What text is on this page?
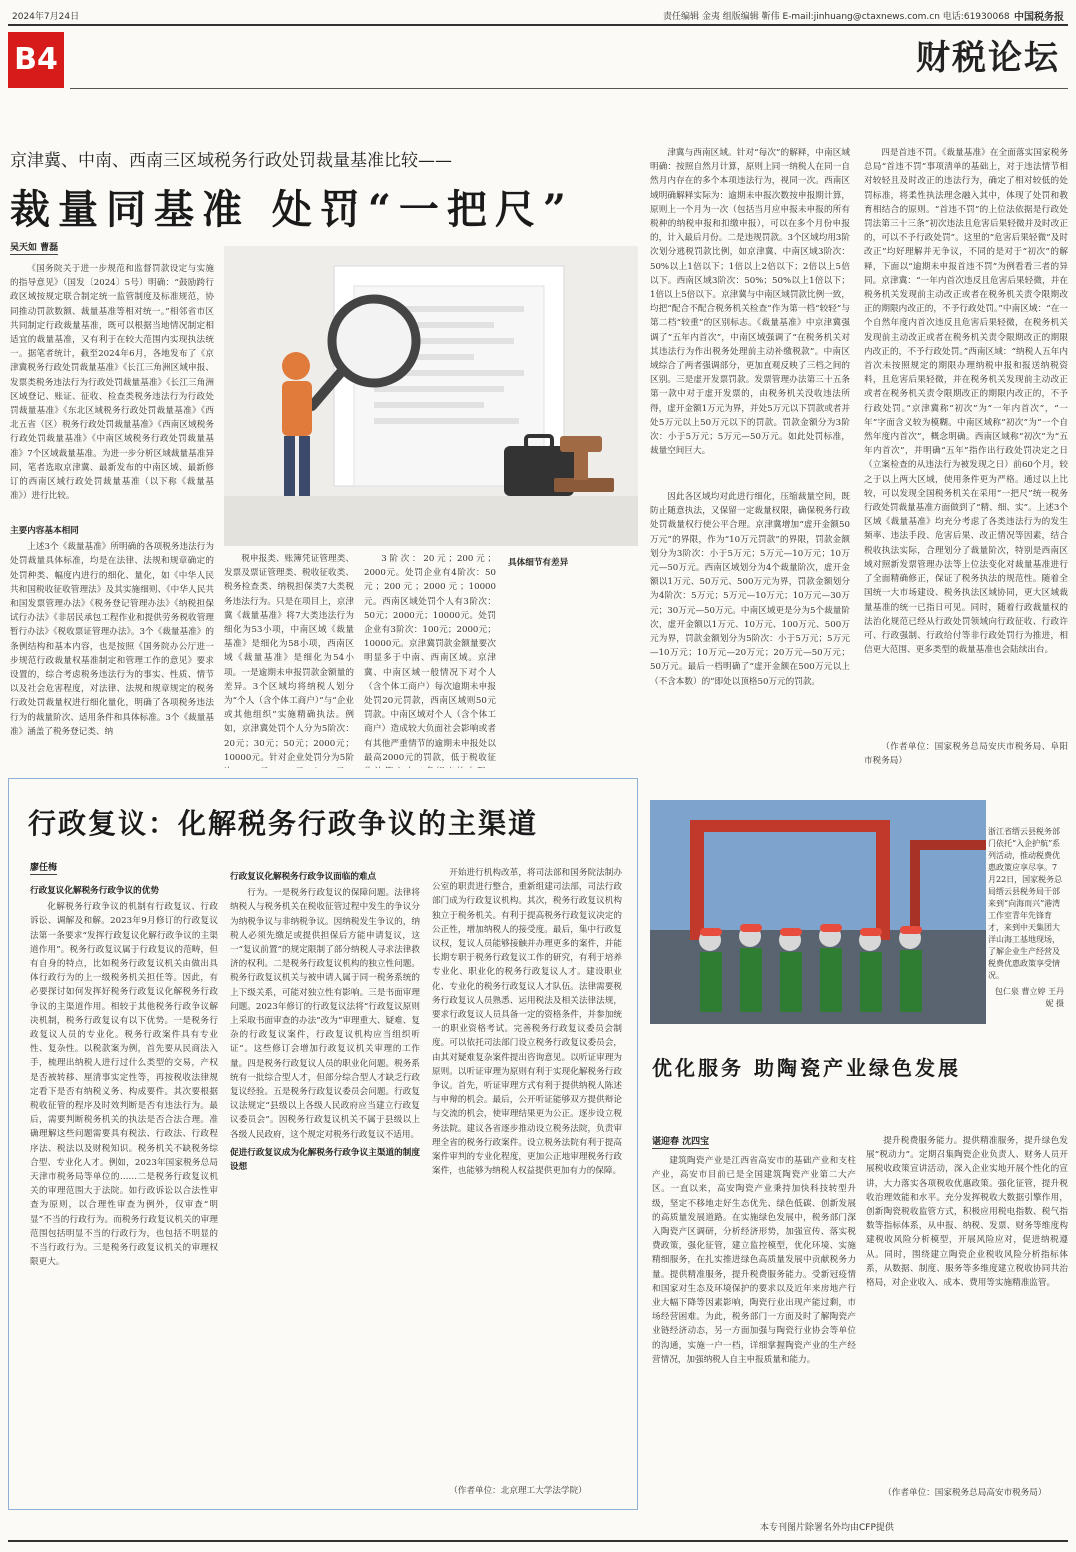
2024年7月24日	责任编辑 金夷 组版编辑 靳伟 E-mail:jinhuang@ctaxnews.com.cn 电话:61930068 中国税务报
B4	财税论坛
京津冀、中南、西南三区域税务行政处罚裁量基准比较——
裁量同基准 处罚“一把尺”
吴天如 曹磊

《国务院关于进一步规范和监督罚款设定与实施的指导意见》（国发〔2024〕5号）明确：“鼓励跨行政区域按规定联合制定统一监管制度及标准规范，协同推动罚款数额、裁量基准等相对统一。”相邻省市区共同制定行政裁量基准，既可以根据当地情况制定相适宜的裁量基准，又有利于在较大范围内实现执法统一。据笔者统计，截至2024年6月，各地发布了《京津冀税务行政处罚裁量基准》《长江三角洲区域申报、发票类税务违法行为行政处罚裁量基准》《长江三角洲区域登记、账证、征收、检查类税务违法行为行政处罚裁量基准》《东北区域税务行政处罚裁量基准》《西北五省（区）税务行政处罚裁量基准》《西南区域税务行政处罚裁量基准》《中南区域税务行政处罚裁量基准》7个区域裁量基准。为进一步分析区域裁量基准异同，笔者选取京津冀、最新发布的中南区域、最新修订的西南区域行政处罚裁量基准（以下称《裁量基准》）进行比较。

主要内容基本相同

上述3个《裁量基准》所明确的各项税务违法行为处罚裁量具体标准，均是在法律、法规和规章确定的处罚种类、幅度内进行的细化、量化，如《中华人民共和国税收征收管理法》及其实施细则、《中华人民共和国发票管理办法》《税务登记管理办法》《纳税担保试行办法》《非居民承包工程作业和提供劳务税收管理暂行办法》《税收票证管理办法》。3个《裁量基准》的条例结构和基本内容，也是按照《国务院办公厅进一步规范行政裁量权基准制定和管理工作的意见》要求设置的，综合考虑税务违法行为的事实、性质、情节以及社会危害程度，对法律、法规和规章规定的税务行政处罚裁量权进行细化量化，明确了各项税务违法行为的裁量阶次、适用条件和具体标准。3个《裁量基准》涵盖了税务登记类、纳

税申报类、账簿凭证管理类、发票及票证管理类、税收征收类、税务检查类、纳税担保类7大类税务违法行为。只是在项目上，京津冀《裁量基准》将7大类违法行为细化为53小项，中南区域《裁量基准》是细化为58小项，西南区域《裁量基准》是细化为54小项。一是逾期未申报罚款金额量的差异。3个区域均将纳税人划分为“个人（含个体工商户）”与“企业或其他组织”实施精确执法。例如，京津冀处罚个人分为5阶次：20元；30元；50元；2000元；10000元。针对企业处罚分为5阶

3阶次：20元；200元；2000元。处罚企业有4阶次：50元；200元；2000元；10000元。西南区域处罚个人有3阶次：50元；2000元；10000元。处罚企业有3阶次：100元；2000元；10000元。京津冀罚款金额量要次明显多于中南、西南区域。京津冀、中南区域一般情况下对个人（含个体工商户）每次逾期未申报处罚20元罚款，西南区域则50元罚款。中南区域对个人（含个体工商户）造成较大负面社会影响或者有其他严重情节的逾期未申报处以最高2000元的罚款，低于税收征

具体细节有差异

津冀与西南区域。针对“每次”的解释，中南区域明确：按照自然月计算，原则上同一纳税人在同一自然月内存在的多个本项违法行为，视同一次。西南区域明确解释实际为：逾期未申报次数按申报期计算，原则上一个月为一次（包括当月应申报未申报的所有税种的纳税申报和扣缴申报），可以在多个月份申报的，计入最后月份。二是违规罚款。3个区域均用3阶次划分逃税罚款比例，如京津冀、中南区域3阶次：50%以上1倍以下；1倍以上2倍以下；2倍以上5倍以下。西南区域3阶次：50%；50%以上1倍以下；1倍以上5倍以下。京津冀与中南区域罚款比例一致，均把“配合不配合税务机关检查”作为第一档“较轻”与第二档“较重”的区别标志。《裁量基准》中京津冀强调了“五年内首次”，中南区域强调了“在税务机关对其违法行为作出税务处理前主动补缴税款”。中南区域综合了两者强调部分，更加直观反映了三档之间的区别。三是虚开发票罚款。发票管理办法第三十五条第一款中对于虚开发票的，由税务机关没收违法所得，虚开金额1万元为界，并处5万元以下罚款或者并处5万元以上50万元以下的罚款。罚款金额分为3阶次：小于5万元；5万元—50万元。如此处罚标准，裁量空间巨大。

因此各区域均对此进行细化，压缩裁量空间，既防止随意执法，又保留一定裁量权限，确保税务行政处罚裁量权行使公平合理。京津冀增加“虚开金额50万元”的界限，作为“10万元罚款”的界限，罚款金额划分为3阶次：小于5万元；5万元—10万元；10万元—50万元。西南区域划分为4个裁量阶次，虚开金额以1万元、50万元、500万元为界，罚款金额划分为4阶次：5万元；5万元—10万元；10万元—30万元；30万元—50万元。中南区域更是分为5个裁量阶次，虚开金额以1万元、10万元、100万元、500万元为界，罚款金额划分为5阶次：小于5万元；5万元—10万元；10万元—20万元；20万元—50万元；50万元。最后一档明确了“虚开金额在500万元以上（不含本数）的”即处以顶格50万元的罚款。

四是首违不罚。《裁量基准》在全面落实国家税务总局“首违不罚”事项清单的基础上，对于违法情节相对较轻且及时改正的违法行为，确定了相对较低的处罚标准，将柔性执法理念融入其中，体现了处罚和教育相结合的原则。“首违不罚”的上位法依据是行政处罚法第三十三条“初次违法且危害后果轻微并及时改正的，可以不予行政处罚”。这里的“危害后果轻微”及时改正”均好理解并无争议，不同的是对于“初次”的解释，下面以“逾期未申报首违不罚”为例看看三者的异同。京津冀：“一年内首次违反且危害后果轻微，并在税务机关发现前主动改正或者在税务机关责令限期改正的期限内改正的，不予行政处罚。”中南区域：“在一个自然年度内首次违反且危害后果轻微，在税务机关发现前主动改正或者在税务机关责令限期改正的期限内改正的，不予行政处罚。”西南区域：“纳税人五年内首次未按照规定的期限办理纳税申报和报送纳税资料，且危害后果轻微，并在税务机关发现前主动改正或者在税务机关责令限期改正的期限内改正的，不予行政处罚。”京津冀称“初次”为“一年内首次”，“一年”字面含义较为模糊。中南区域称“初次”为“一个自然年度内首次”，概念明确。西南区域称“初次”为“五年内首次”，并明确“五年”指作出行政处罚决定之日（立案检查的从违法行为被发现之日）前60个月，较之于以上两大区域，使用条件更为严格。通过以上比较，可以发现全国税务机关在采用“一把尺”统一税务行政处罚裁量基准方面做到了“精、细、实”。上述3个区域《裁量基准》均充分考虑了各类违法行为的发生频率、违法手段、危害后果、改正情况等因素，结合税收执法实际，合理划分了裁量阶次，特别是西南区域对照新发票管理办法等上位法变化对裁量基准进行了全面精确修正，保证了税务执法的规范性。随着全国统一大市场建设、税务执法区域协同，更大区域裁量基准的统一已指日可见。同时，随着行政裁量权的法治化规范已经从行政处罚领域向行政征收、行政许可、行政强制、行政给付等非行政处罚行为推进，相信更大范围、更多类型的裁量基准也会陆续出台。

（作者单位：国家税务总局安庆市税务局、阜阳市税务局）

行政复议：化解税务行政争议的主渠道
廖任梅

行政复议化解税务行政争议的优势

化解税务行政争议的机制有行政复议、行政诉讼、调解及和解。2023年9月修订的行政复议法第一条要求“发挥行政复议化解行政争议的主渠道作用”。税务行政复议属于行政复议的范畴，但有自身的特点，比如税务行政复议机关由做出具体行政行为的上一级税务机关担任等。因此，有必要探讨如何发挥好税务行政复议化解税务行政争议的主渠道作用。相较于其他税务行政争议解决机制，税务行政复议有以下优势。一是税务行政复议人员的专业化。税务行政案件具有专业性、复杂性。以税款案为例，首先要从民商法入手，梳理出纳税人进行过什么类型的交易，产权是否被转移、厘清事实定性等，再按税收法律规定看下是否有纳税义务、构成要件。其次要根据税收征管的程序及时效判断是否有违法行为。最后，需要判断税务机关的执法是否合法合理。准确理解这些问题需要具有税法、行政法、行政程序法、税法以及财税知识。税务机关不缺税务综合型、专业化人才。例如，2023年国家税务总局天津市税务局等单位的……二是税务行政复议机关的审理范围大于法院。如行政诉讼以合法性审查为原则，以合理性审查为例外，仅审查“明显”不当的行政行为。而税务行政复议机关的审理范围包括明显不当的行政行为，也包括不明显的不当行政行为。三是税务行政复议机关的审理权限更大。

行政复议化解税务行政争议面临的难点

行为。一是税务行政复议的保障问题。法律将纳税人与税务机关在税收征管过程中发生的争议分为纳税争议与非纳税争议。因纳税发生争议的，纳税人必须先缴足或提供担保后方能申请复议，这一“复议前置”的规定限制了部分纳税人寻求法律救济的权利。二是税务行政复议机构的独立性问题。税务行政复议机关与被申请人属于同一税务系统的上下级关系，可能对独立性有影响。三是书面审理问题。2023年修订的行政复议法将“行政复议原则上采取书面审查的办法”改为“审理重大、疑难、复杂的行政复议案件，行政复议机构应当组织听证”。这些修订会增加行政复议机关审理的工作量。四是税务行政复议人员的职业化问题。税务系统有一批综合型人才，但部分综合型人才缺乏行政复议经验。五是税务行政复议委员会问题。行政复议法规定“县级以上各级人民政府应当建立行政复议委员会”。因税务行政复议机关不属于县级以上各级人民政府，这个规定对税务行政复议不适用。

促进行政复议成为化解税务行政争议主渠道的制度设想

开始进行机构改革，将司法部和国务院法制办公室的职责进行整合，重新组建司法部，司法行政部门成为行政复议机构。其次，税务行政复议机构独立于税务机关。有利于提高税务行政复议决定的公正性，增加纳税人的接受度。最后，集中行政复议权，复议人员能够接触并办理更多的案件，并能长期专职于税务行政复议工作的研究，有利于培养专业化、职业化的税务行政复议人才。建设职业化、专业化的税务行政复议人才队伍。法律需要税务行政复议人员熟悉、运用税法及相关法律法规，要求行政复议人员具备一定的资格条件，并参加统一的职业资格考试。完善税务行政复议委员会制度。可以依托司法部门设立税务行政复议委员会，由其对疑难复杂案件提出咨询意见。以听证审理为原则。以听证审理为原则有利于实现化解税务行政争议。首先，听证审理方式有利于提供纳税人陈述与申辩的机会。最后，公开听证能够双方提供辩论与交流的机会，使审理结果更为公正。逐步设立税务法院。建议各省逐步推动设立税务法院，负责审理全省的税务行政案件。设立税务法院有利于提高案件审判的专业化程度，更加公正地审理税务行政案件，也能够为纳税人权益提供更加有力的保障。

（作者单位：北京理工大学法学院）

浙江省缙云县税务部门依托“入企护航”系列活动，推动税费优惠政策应享尽享。7月22日，国家税务总局缙云县税务局干部来到“向海而兴”港湾工作室青年先锋育才，来到中天集团大洋山海工基地现场，了解企业生产经营及税费优惠政策享受情况。
包仁泉 曹立婷 王丹妮 摄
优化服务 助陶瓷产业绿色发展
谌迎春 沈四宝

建筑陶瓷产业是江西省高安市的基础产业和支柱产业，高安市目前已是全国建筑陶瓷产业第二大产区。一直以来，高安陶瓷产业秉持加快科技转型升级，坚定不移地走好生态优先、绿色低碳、创新发展的高质量发展道路。在实施绿色发展中，税务部门深入陶瓷产区调研，分析经济形势，加强宣传、落实税费政策，强化征管，建立监控模型，优化环境、实施精细服务，在扎实推进绿色高质量发展中贡献税务力量。提供精准服务，提升税费服务能力。受新冠疫情和国家对生态及环境保护的要求以及近年来房地产行业大幅下降等因素影响，陶瓷行业出现产能过剩，市场经营困难。为此，税务部门一方面及时了解陶瓷产业链经济动态，另一方面加强与陶瓷行业协会等单位的沟通，实施一户一档，详细掌握陶瓷产业的生产经营情况，加强纳税人自主申报质量和能力。

提升税费服务能力。提供精准服务，提升绿色发展“税动力”。定期召集陶瓷企业负责人、财务人员开展税收政策宣讲活动，深入企业实地开展个性化的宣讲，大力落实各项税收优惠政策。强化征管，提升税收治理效能和水平。充分发挥税收大数据引擎作用，创新陶瓷税收监管方式，积极应用税电指数、税气指数等指标体系，从申报、纳税、发票、财务等维度构建税收风险分析模型，开展风险应对，促进纳税遵从。同时，围绕建立陶瓷企业税收风险分析指标体系，从数据、制度、服务等多维度建立税收协同共治格局，对企业收入、成本、费用等实施精准监管。

（作者单位：国家税务总局高安市税务局）

本专刊图片除署名外均由CFP提供
